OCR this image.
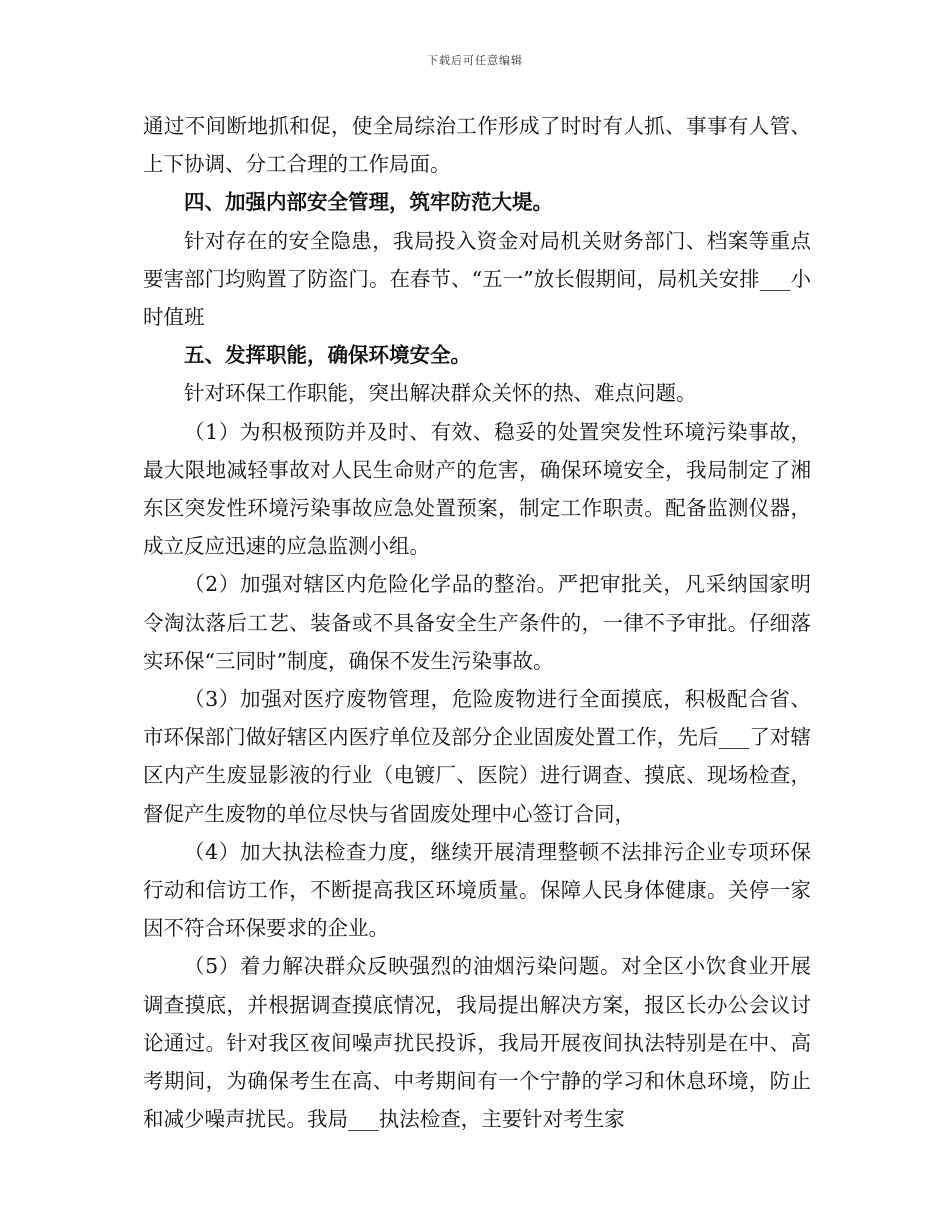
下载后可任意编辑

通过不间断地抓和促，使全局综治工作形成了时时有人抓、事事有人管、上下协调、分工合理的工作局面。

四、加强内部安全管理，筑牢防范大堤。

针对存在的安全隐患，我局投入资金对局机关财务部门、档案等重点要害部门均购置了防盗门。在春节、“五一”放长假期间，局机关安排___小时值班

五、发挥职能，确保环境安全。

针对环保工作职能，突出解决群众关怀的热、难点问题。

（1）为积极预防并及时、有效、稳妥的处置突发性环境污染事故，最大限地减轻事故对人民生命财产的危害，确保环境安全，我局制定了湘东区突发性环境污染事故应急处置预案，制定工作职责。配备监测仪器，成立反应迅速的应急监测小组。

（2）加强对辖区内危险化学品的整治。严把审批关，凡采纳国家明令淘汰落后工艺、装备或不具备安全生产条件的，一律不予审批。仔细落实环保“三同时”制度，确保不发生污染事故。

（3）加强对医疗废物管理，危险废物进行全面摸底，积极配合省、市环保部门做好辖区内医疗单位及部分企业固废处置工作，先后___了对辖区内产生废显影液的行业（电镀厂、医院）进行调查、摸底、现场检查，督促产生废物的单位尽快与省固废处理中心签订合同，

（4）加大执法检查力度，继续开展清理整顿不法排污企业专项环保行动和信访工作，不断提高我区环境质量。保障人民身体健康。关停一家因不符合环保要求的企业。

（5）着力解决群众反映强烈的油烟污染问题。对全区小饮食业开展调查摸底，并根据调查摸底情况，我局提出解决方案，报区长办公会议讨论通过。针对我区夜间噪声扰民投诉，我局开展夜间执法特别是在中、高考期间，为确保考生在高、中考期间有一个宁静的学习和休息环境，防止和减少噪声扰民。我局___执法检查，主要针对考生家
